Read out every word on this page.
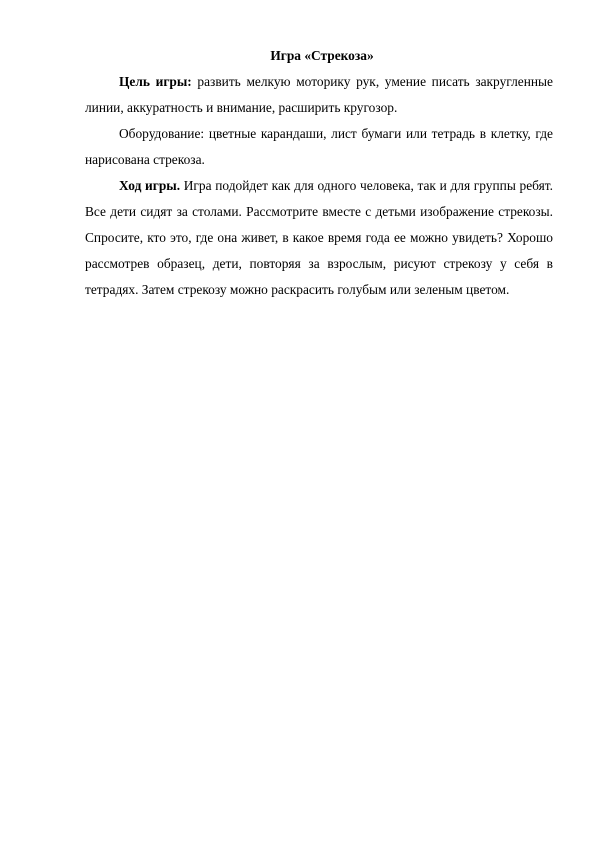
Игра «Стрекоза»

Цель игры: развить мелкую моторику рук, умение писать закругленные линии, аккуратность и внимание, расширить кругозор.

Оборудование: цветные карандаши, лист бумаги или тетрадь в клетку, где нарисована стрекоза.

Ход игры. Игра подойдет как для одного человека, так и для группы ребят. Все дети сидят за столами. Рассмотрите вместе с детьми изображение стрекозы. Спросите, кто это, где она живет, в какое время года ее можно увидеть? Хорошо рассмотрев образец, дети, повторяя за взрослым, рисуют стрекозу у себя в тетрадях. Затем стрекозу можно раскрасить голубым или зеленым цветом.
